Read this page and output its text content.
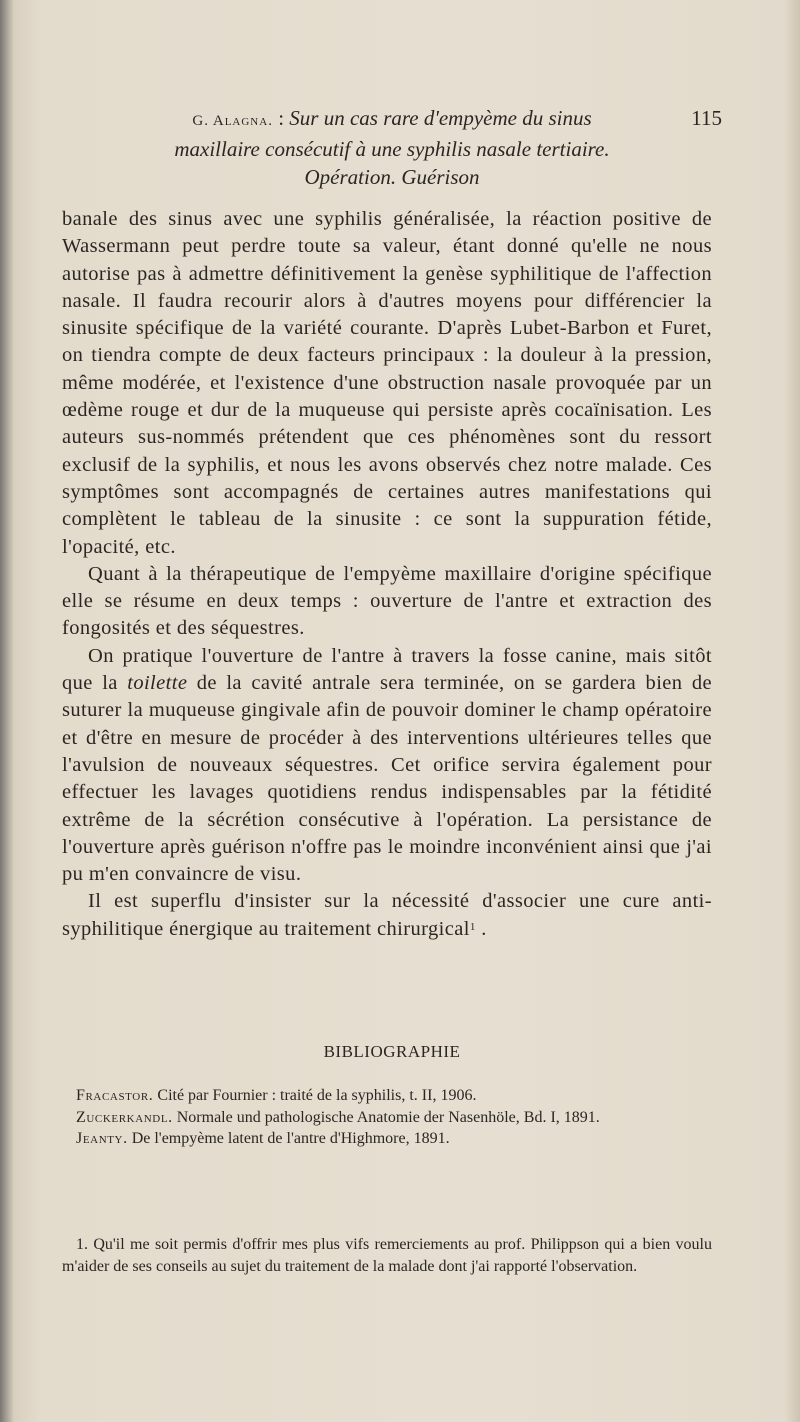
G. Alagna. : Sur un cas rare d'empyème du sinus	115
maxillaire consécutif à une syphilis nasale tertiaire.
Opération. Guérison

banale des sinus avec une syphilis généralisée, la réaction positive de Wassermann peut perdre toute sa valeur, étant donné qu'elle ne nous autorise pas à admettre définitivement la genèse syphilitique de l'affection nasale. Il faudra recourir alors à d'autres moyens pour différencier la sinusite spécifique de la variété courante. D'après Lubet-Barbon et Furet, on tiendra compte de deux facteurs principaux : la douleur à la pression, même modérée, et l'existence d'une obstruction nasale provoquée par un œdème rouge et dur de la muqueuse qui persiste après cocaïnisation. Les auteurs sus-nommés prétendent que ces phénomènes sont du ressort exclusif de la syphilis, et nous les avons observés chez notre malade. Ces symptômes sont accompagnés de certaines autres manifestations qui complètent le tableau de la sinusite : ce sont la suppuration fétide, l'opacité, etc.

Quant à la thérapeutique de l'empyème maxillaire d'origine spécifique elle se résume en deux temps : ouverture de l'antre et extraction des fongosités et des séquestres.

On pratique l'ouverture de l'antre à travers la fosse canine, mais sitôt que la toilette de la cavité antrale sera terminée, on se gardera bien de suturer la muqueuse gingivale afin de pouvoir dominer le champ opératoire et d'être en mesure de procéder à des interventions ultérieures telles que l'avulsion de nouveaux séquestres. Cet orifice servira également pour effectuer les lavages quotidiens rendus indispensables par la fétidité extrême de la sécrétion consécutive à l'opération. La persistance de l'ouverture après guérison n'offre pas le moindre inconvénient ainsi que j'ai pu m'en convaincre de visu.

Il est superflu d'insister sur la nécessité d'associer une cure anti-syphilitique énergique au traitement chirurgical$^1$ .

BIBLIOGRAPHIE

Fracastor. Cité par Fournier : traité de la syphilis, t. II, 1906.

Zuckerkandl. Normale und pathologische Anatomie der Nasenhöle, Bd. I, 1891.

Jeanty. De l'empyème latent de l'antre d'Highmore, 1891.

1. Qu'il me soit permis d'offrir mes plus vifs remerciements au prof. Philippson qui a bien voulu m'aider de ses conseils au sujet du traitement de la malade dont j'ai rapporté l'observation.
